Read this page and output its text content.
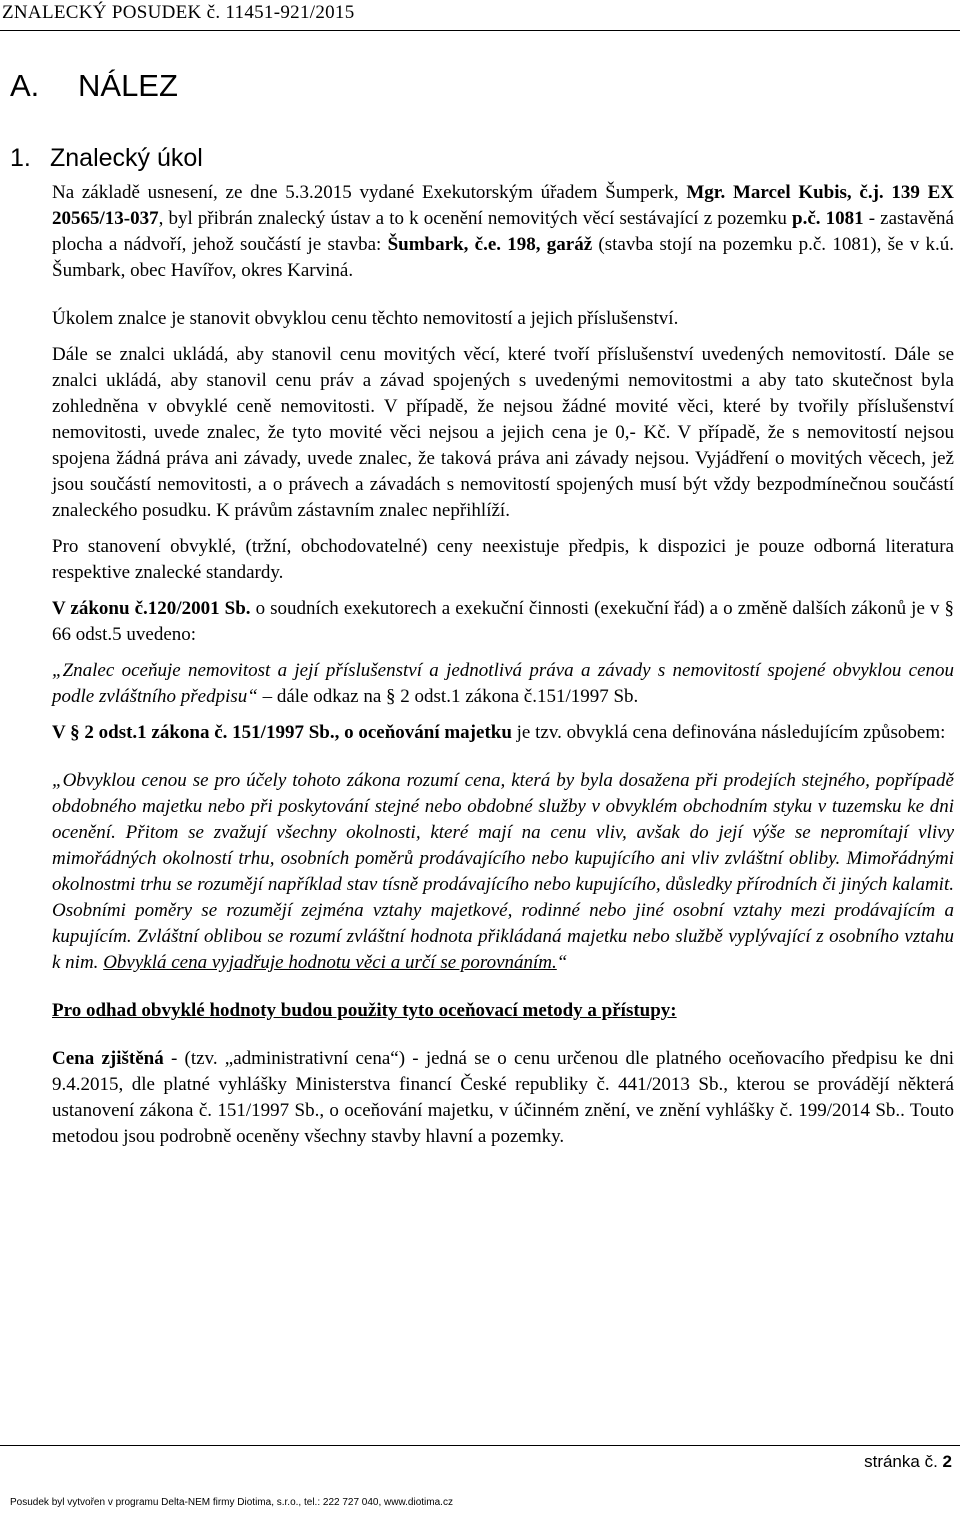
ZNALECKÝ POSUDEK č. 11451-921/2015
A. NÁLEZ
1. Znalecký úkol

Na základě usnesení, ze dne 5.3.2015 vydané Exekutorským úřadem Šumperk, Mgr. Marcel Kubis, č.j. 139 EX 20565/13-037, byl přibrán znalecký ústav a to k ocenění nemovitých věcí sestávající z pozemku p.č. 1081 - zastavěná plocha a nádvoří, jehož součástí je stavba: Šumbark, č.e. 198, garáž (stavba stojí na pozemku p.č. 1081), še v k.ú. Šumbark, obec Havířov, okres Karviná.

Úkolem znalce je stanovit obvyklou cenu těchto nemovitostí a jejich příslušenství.

Dále se znalci ukládá, aby stanovil cenu movitých věcí, které tvoří příslušenství uvedených nemovitostí. Dále se znalci ukládá, aby stanovil cenu práv a závad spojených s uvedenými nemovitostmi a aby tato skutečnost byla zohledněna v obvyklé ceně nemovitosti. V případě, že nejsou žádné movité věci, které by tvořily příslušenství nemovitosti, uvede znalec, že tyto movité věci nejsou a jejich cena je 0,- Kč. V případě, že s nemovitostí nejsou spojena žádná práva ani závady, uvede znalec, že taková práva ani závady nejsou. Vyjádření o movitých věcech, jež jsou součástí nemovitosti, a o právech a závadách s nemovitostí spojených musí být vždy bezpodmínečnou součástí znaleckého posudku. K právům zástavním znalec nepřihlíží.

Pro stanovení obvyklé, (tržní, obchodovatelné) ceny neexistuje předpis, k dispozici je pouze odborná literatura respektive znalecké standardy.

V zákonu č.120/2001 Sb. o soudních exekutorech a exekuční činnosti (exekuční řád) a o změně dalších zákonů je v § 66 odst.5 uvedeno:

„Znalec oceňuje nemovitost a její příslušenství a jednotlivá práva a závady s nemovitostí spojené obvyklou cenou podle zvláštního předpisu“ – dále odkaz na § 2 odst.1 zákona č.151/1997 Sb.

V § 2 odst.1 zákona č. 151/1997 Sb., o oceňování majetku je tzv. obvyklá cena definována následujícím způsobem:

„Obvyklou cenou se pro účely tohoto zákona rozumí cena, která by byla dosažena při prodejích stejného, popřípadě obdobného majetku nebo při poskytování stejné nebo obdobné služby v obvyklém obchodním styku v tuzemsku ke dni ocenění. Přitom se zvažují všechny okolnosti, které mají na cenu vliv, avšak do její výše se nepromítají vlivy mimořádných okolností trhu, osobních poměrů prodávajícího nebo kupujícího ani vliv zvláštní obliby. Mimořádnými okolnostmi trhu se rozumějí například stav tísně prodávajícího nebo kupujícího, důsledky přírodních či jiných kalamit. Osobními poměry se rozumějí zejména vztahy majetkové, rodinné nebo jiné osobní vztahy mezi prodávajícím a kupujícím. Zvláštní oblibou se rozumí zvláštní hodnota přikládaná majetku nebo službě vyplývající z osobního vztahu k nim. Obvyklá cena vyjadřuje hodnotu věci a určí se porovnáním.“

Pro odhad obvyklé hodnoty budou použity tyto oceňovací metody a přístupy:

Cena zjištěná - (tzv. „administrativní cena“) - jedná se o cenu určenou dle platného oceňovacího předpisu ke dni 9.4.2015, dle platné vyhlášky Ministerstva financí České republiky č. 441/2013 Sb., kterou se provádějí některá ustanovení zákona č. 151/1997 Sb., o oceňování majetku, v účinném znění, ve znění vyhlášky č. 199/2014 Sb.. Touto metodou jsou podrobně oceněny všechny stavby hlavní a pozemky.

stránka č. 2
Posudek byl vytvořen v programu Delta-NEM firmy Diotima, s.r.o., tel.: 222 727 040, www.diotima.cz
